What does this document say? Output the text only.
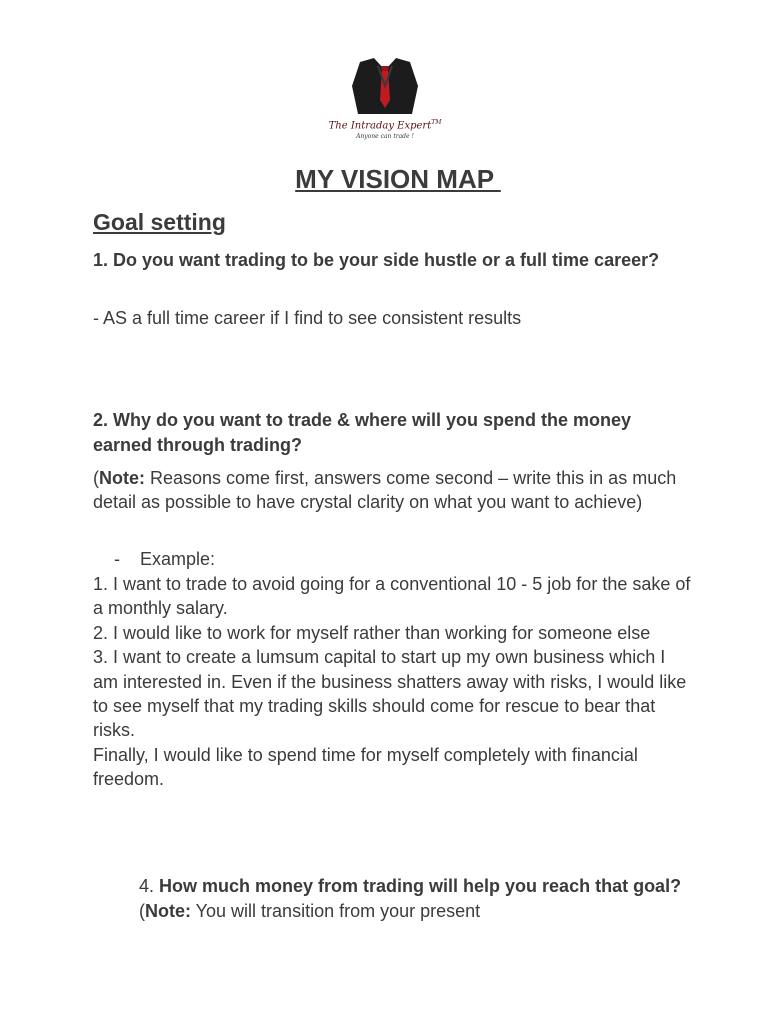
The Intraday Expert™
Anyone can trade !
MY VISION MAP
Goal setting
1. Do you want trading to be your side hustle or a full time career?
- AS a full time career if I find to see consistent results
2. Why do you want to trade & where will you spend the money earned through trading?
(Note: Reasons come first, answers come second – write this in as much detail as possible to have crystal clarity on what you want to achieve)
- Example:
1. I want to trade to avoid going for a conventional 10 - 5 job for the sake of a monthly salary.
2. I would like to work for myself rather than working for someone else
3. I want to create a lumsum capital to start up my own business which I am interested in. Even if the business shatters away with risks, I would like to see myself that my trading skills should come for rescue to bear that risks.
Finally, I would like to spend time for myself completely with financial freedom.
4. How much money from trading will help you reach that goal? (Note: You will transition from your present
